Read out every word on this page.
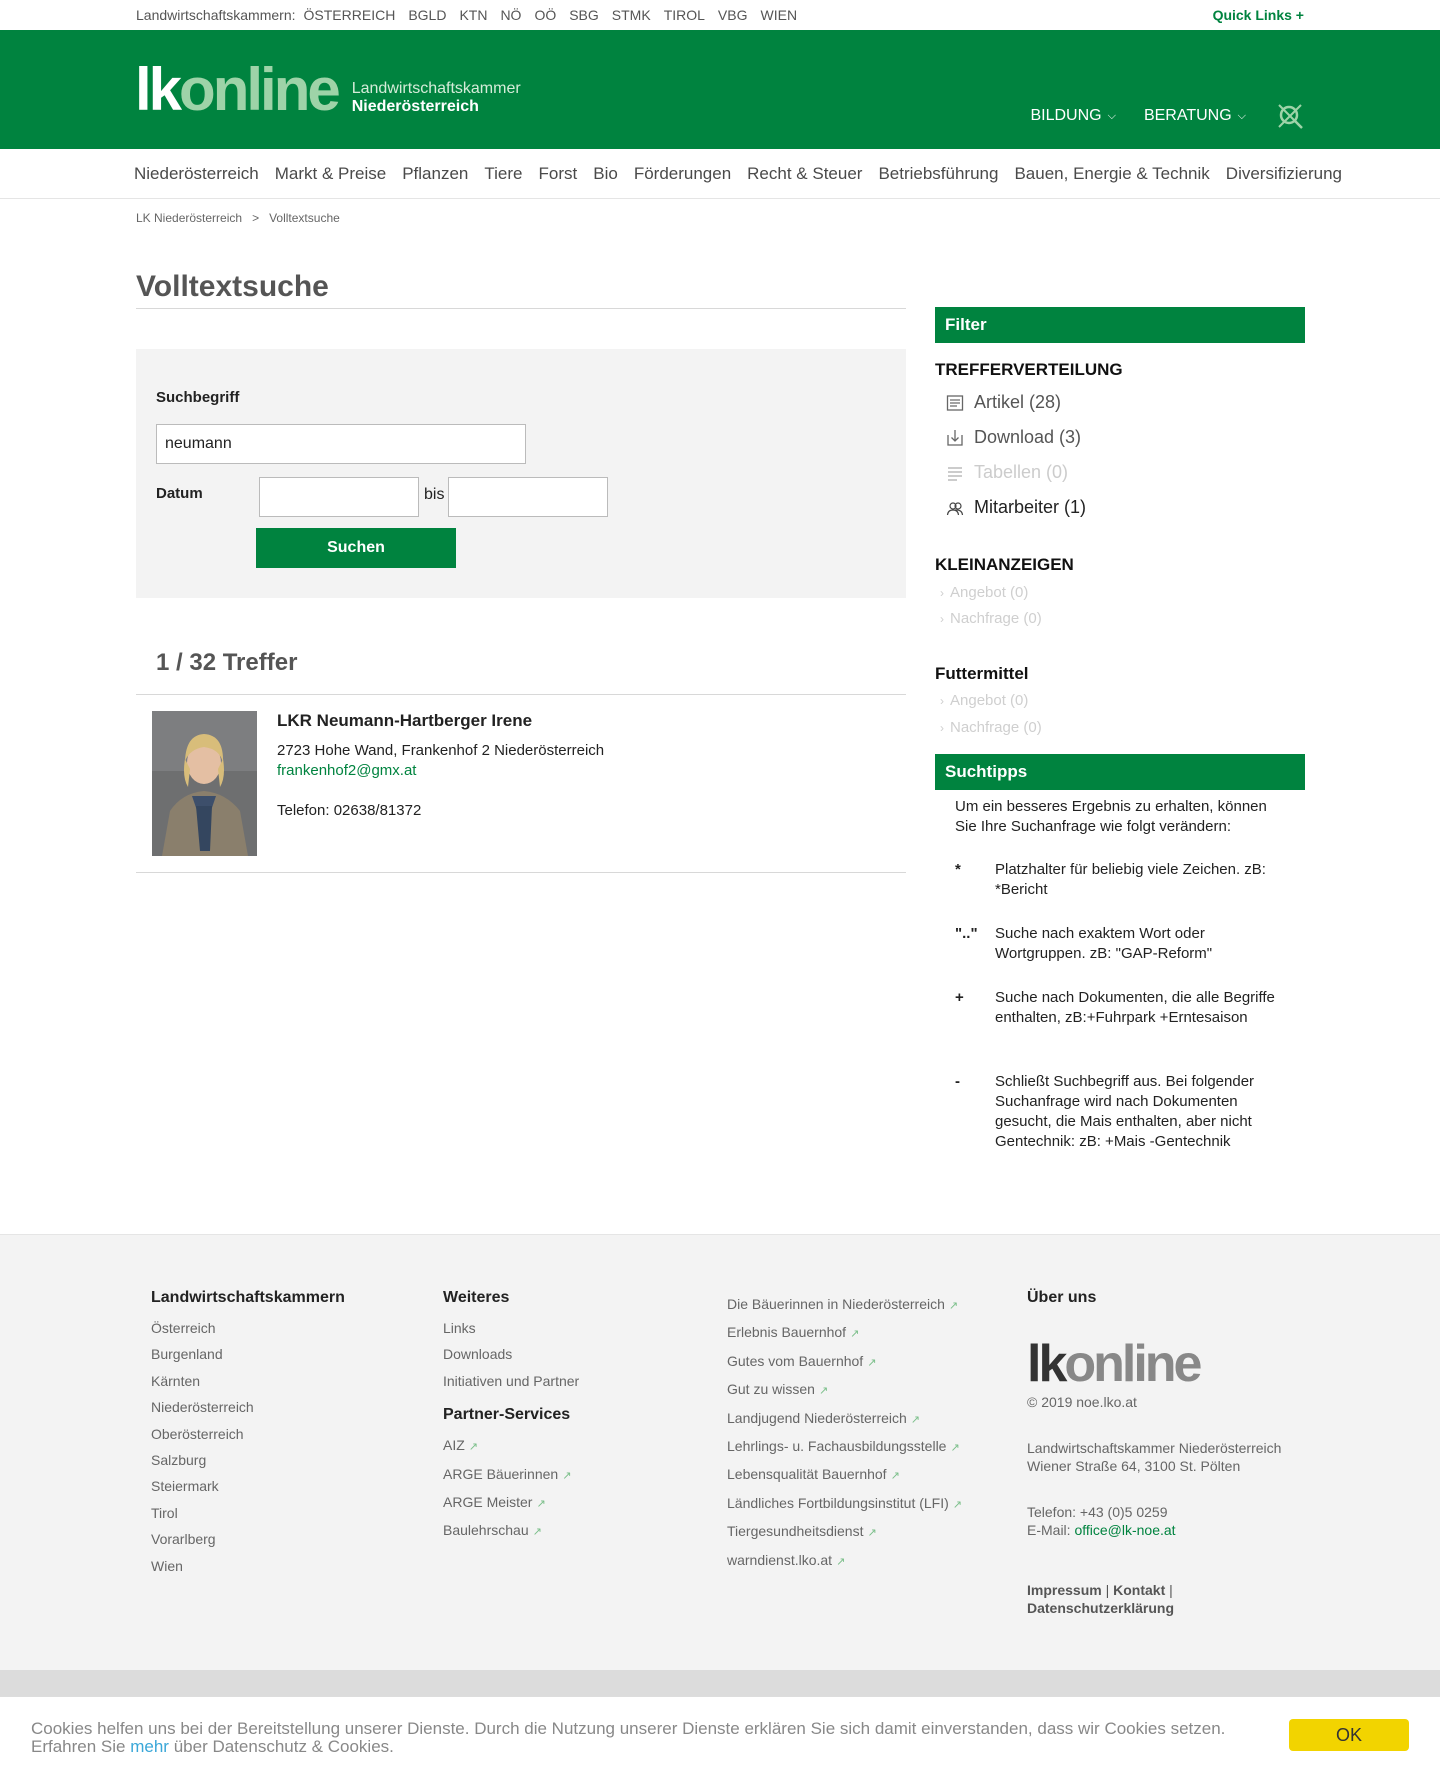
Landwirtschaftskammern: ÖSTERREICH BGLD KTN NÖ OÖ SBG STMK TIROL VBG WIEN	Quick Links +
lk online Landwirtschaftskammer
Niederösterreich
BILDUNG ⌵ BERATUNG ⌵
Niederösterreich Markt & Preise Pflanzen Tiere Forst Bio Förderungen Recht & Steuer Betriebsführung Bauen, Energie & Technik Diversifizierung
LK Niederösterreich > Volltextsuche
Volltextsuche
Suchbegriff
neumann
Datum	bis
Suchen
1 / 32 Treffer
LKR Neumann-Hartberger Irene
2723 Hohe Wand, Frankenhof 2 Niederösterreich
frankenhof2@gmx.at
Telefon: 02638/81372
Filter
TREFFERVERTEILUNG
Artikel (28)
Download (3)
Tabellen (0)
Mitarbeiter (1)
KLEINANZEIGEN
› Angebot (0)
› Nachfrage (0)
Futtermittel
› Angebot (0)
› Nachfrage (0)
Suchtipps
Um ein besseres Ergebnis zu erhalten, können Sie Ihre Suchanfrage wie folgt verändern:
*	Platzhalter für beliebig viele Zeichen. zB: *Bericht
".."	Suche nach exaktem Wort oder Wortgruppen. zB: "GAP-Reform"
+	Suche nach Dokumenten, die alle Begriffe enthalten, zB:+Fuhrpark +Erntesaison
-	Schließt Suchbegriff aus. Bei folgender Suchanfrage wird nach Dokumenten gesucht, die Mais enthalten, aber nicht Gentechnik: zB: +Mais -Gentechnik
Landwirtschaftskammern
Österreich
Burgenland
Kärnten
Niederösterreich
Oberösterreich
Salzburg
Steiermark
Tirol
Vorarlberg
Wien
Weiteres
Links
Downloads
Initiativen und Partner
Partner-Services
AIZ ↗
ARGE Bäuerinnen ↗
ARGE Meister ↗
Baulehrschau ↗
Die Bäuerinnen in Niederösterreich ↗
Erlebnis Bauernhof ↗
Gutes vom Bauernhof ↗
Gut zu wissen ↗
Landjugend Niederösterreich ↗
Lehrlings- u. Fachausbildungsstelle ↗
Lebensqualität Bauernhof ↗
Ländliches Fortbildungsinstitut (LFI) ↗
Tiergesundheitsdienst ↗
warndienst.lko.at ↗
Über uns
lk online
© 2019 noe.lko.at
Landwirtschaftskammer Niederösterreich
Wiener Straße 64, 3100 St. Pölten
Telefon: +43 (0)5 0259
E-Mail: office@lk-noe.at
Impressum | Kontakt |
Datenschutzerklärung
Cookies helfen uns bei der Bereitstellung unserer Dienste. Durch die Nutzung unserer Dienste erklären Sie sich damit einverstanden, dass wir Cookies setzen.
Erfahren Sie mehr über Datenschutz & Cookies.
OK
